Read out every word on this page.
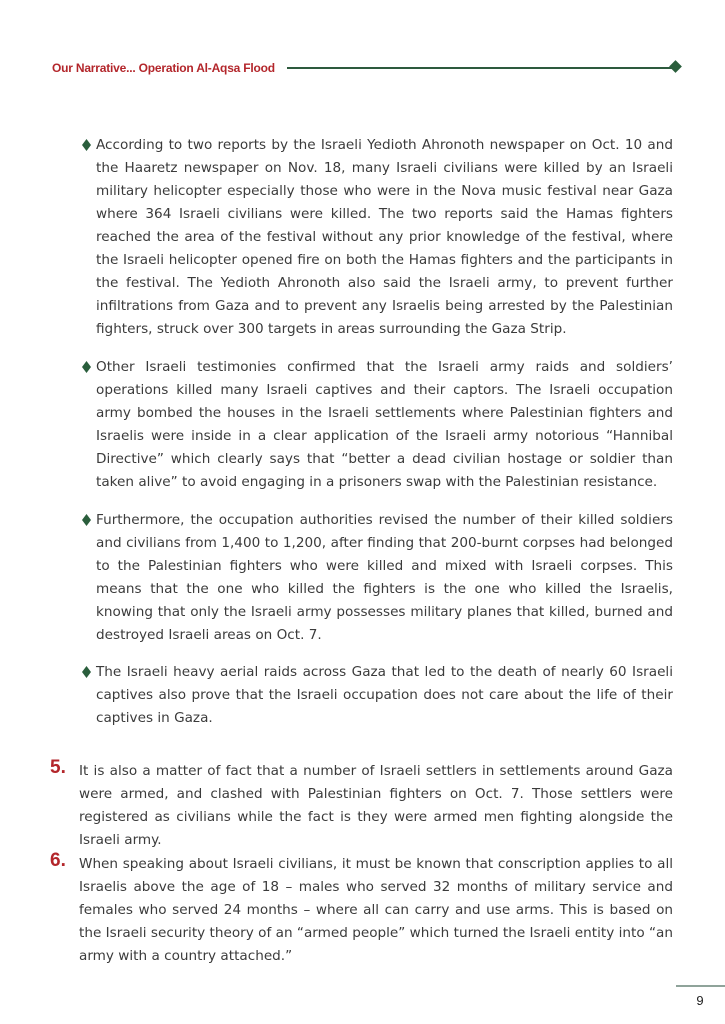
Our Narrative... Operation Al-Aqsa Flood
According to two reports by the Israeli Yedioth Ahronoth newspaper on Oct. 10 and the Haaretz newspaper on Nov. 18, many Israeli civilians were killed by an Israeli military helicopter especially those who were in the Nova music festival near Gaza where 364 Israeli civilians were killed. The two reports said the Hamas fighters reached the area of the festival without any prior knowledge of the festival, where the Israeli helicopter opened fire on both the Hamas fighters and the participants in the festival. The Yedioth Ahronoth also said the Israeli army, to prevent further infiltrations from Gaza and to prevent any Israelis being arrested by the Palestinian fighters, struck over 300 targets in areas surrounding the Gaza Strip.
Other Israeli testimonies confirmed that the Israeli army raids and soldiers’ operations killed many Israeli captives and their captors. The Israeli occupation army bombed the houses in the Israeli settlements where Palestinian fighters and Israelis were inside in a clear application of the Israeli army notorious “Hannibal Directive” which clearly says that “better a dead civilian hostage or soldier than taken alive” to avoid engaging in a prisoners swap with the Palestinian resistance.
Furthermore, the occupation authorities revised the number of their killed soldiers and civilians from 1,400 to 1,200, after finding that 200-burnt corpses had belonged to the Palestinian fighters who were killed and mixed with Israeli corpses. This means that the one who killed the fighters is the one who killed the Israelis, knowing that only the Israeli army possesses military planes that killed, burned and destroyed Israeli areas on Oct. 7.
The Israeli heavy aerial raids across Gaza that led to the death of nearly 60 Israeli captives also prove that the Israeli occupation does not care about the life of their captives in Gaza.
5. It is also a matter of fact that a number of Israeli settlers in settlements around Gaza were armed, and clashed with Palestinian fighters on Oct. 7. Those settlers were registered as civilians while the fact is they were armed men fighting alongside the Israeli army.
6. When speaking about Israeli civilians, it must be known that conscription applies to all Israelis above the age of 18 – males who served 32 months of military service and females who served 24 months – where all can carry and use arms. This is based on the Israeli security theory of an “armed people” which turned the Israeli entity into “an army with a country attached.”
9
